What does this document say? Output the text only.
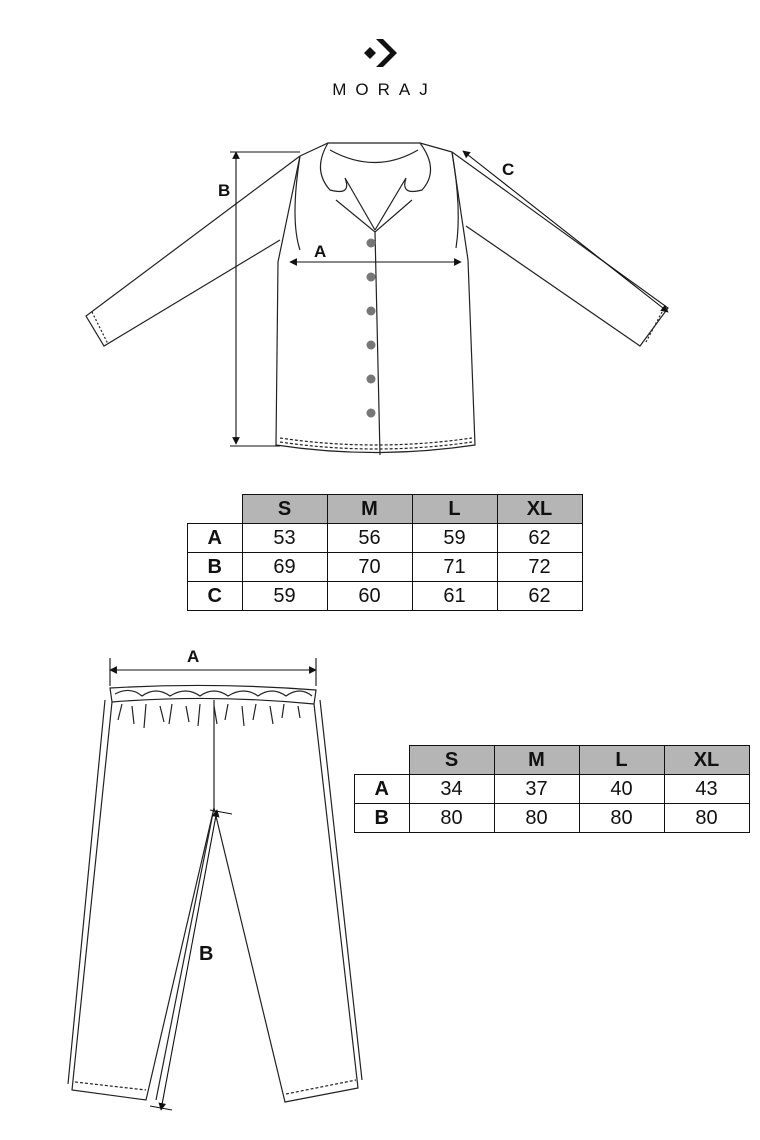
MORAJ
A
B
C
A
B
	S	M	L	XL
A	53	56	59	62
B	69	70	71	72
C	59	60	61	62
	S	M	L	XL
A	34	37	40	43
B	80	80	80	80
